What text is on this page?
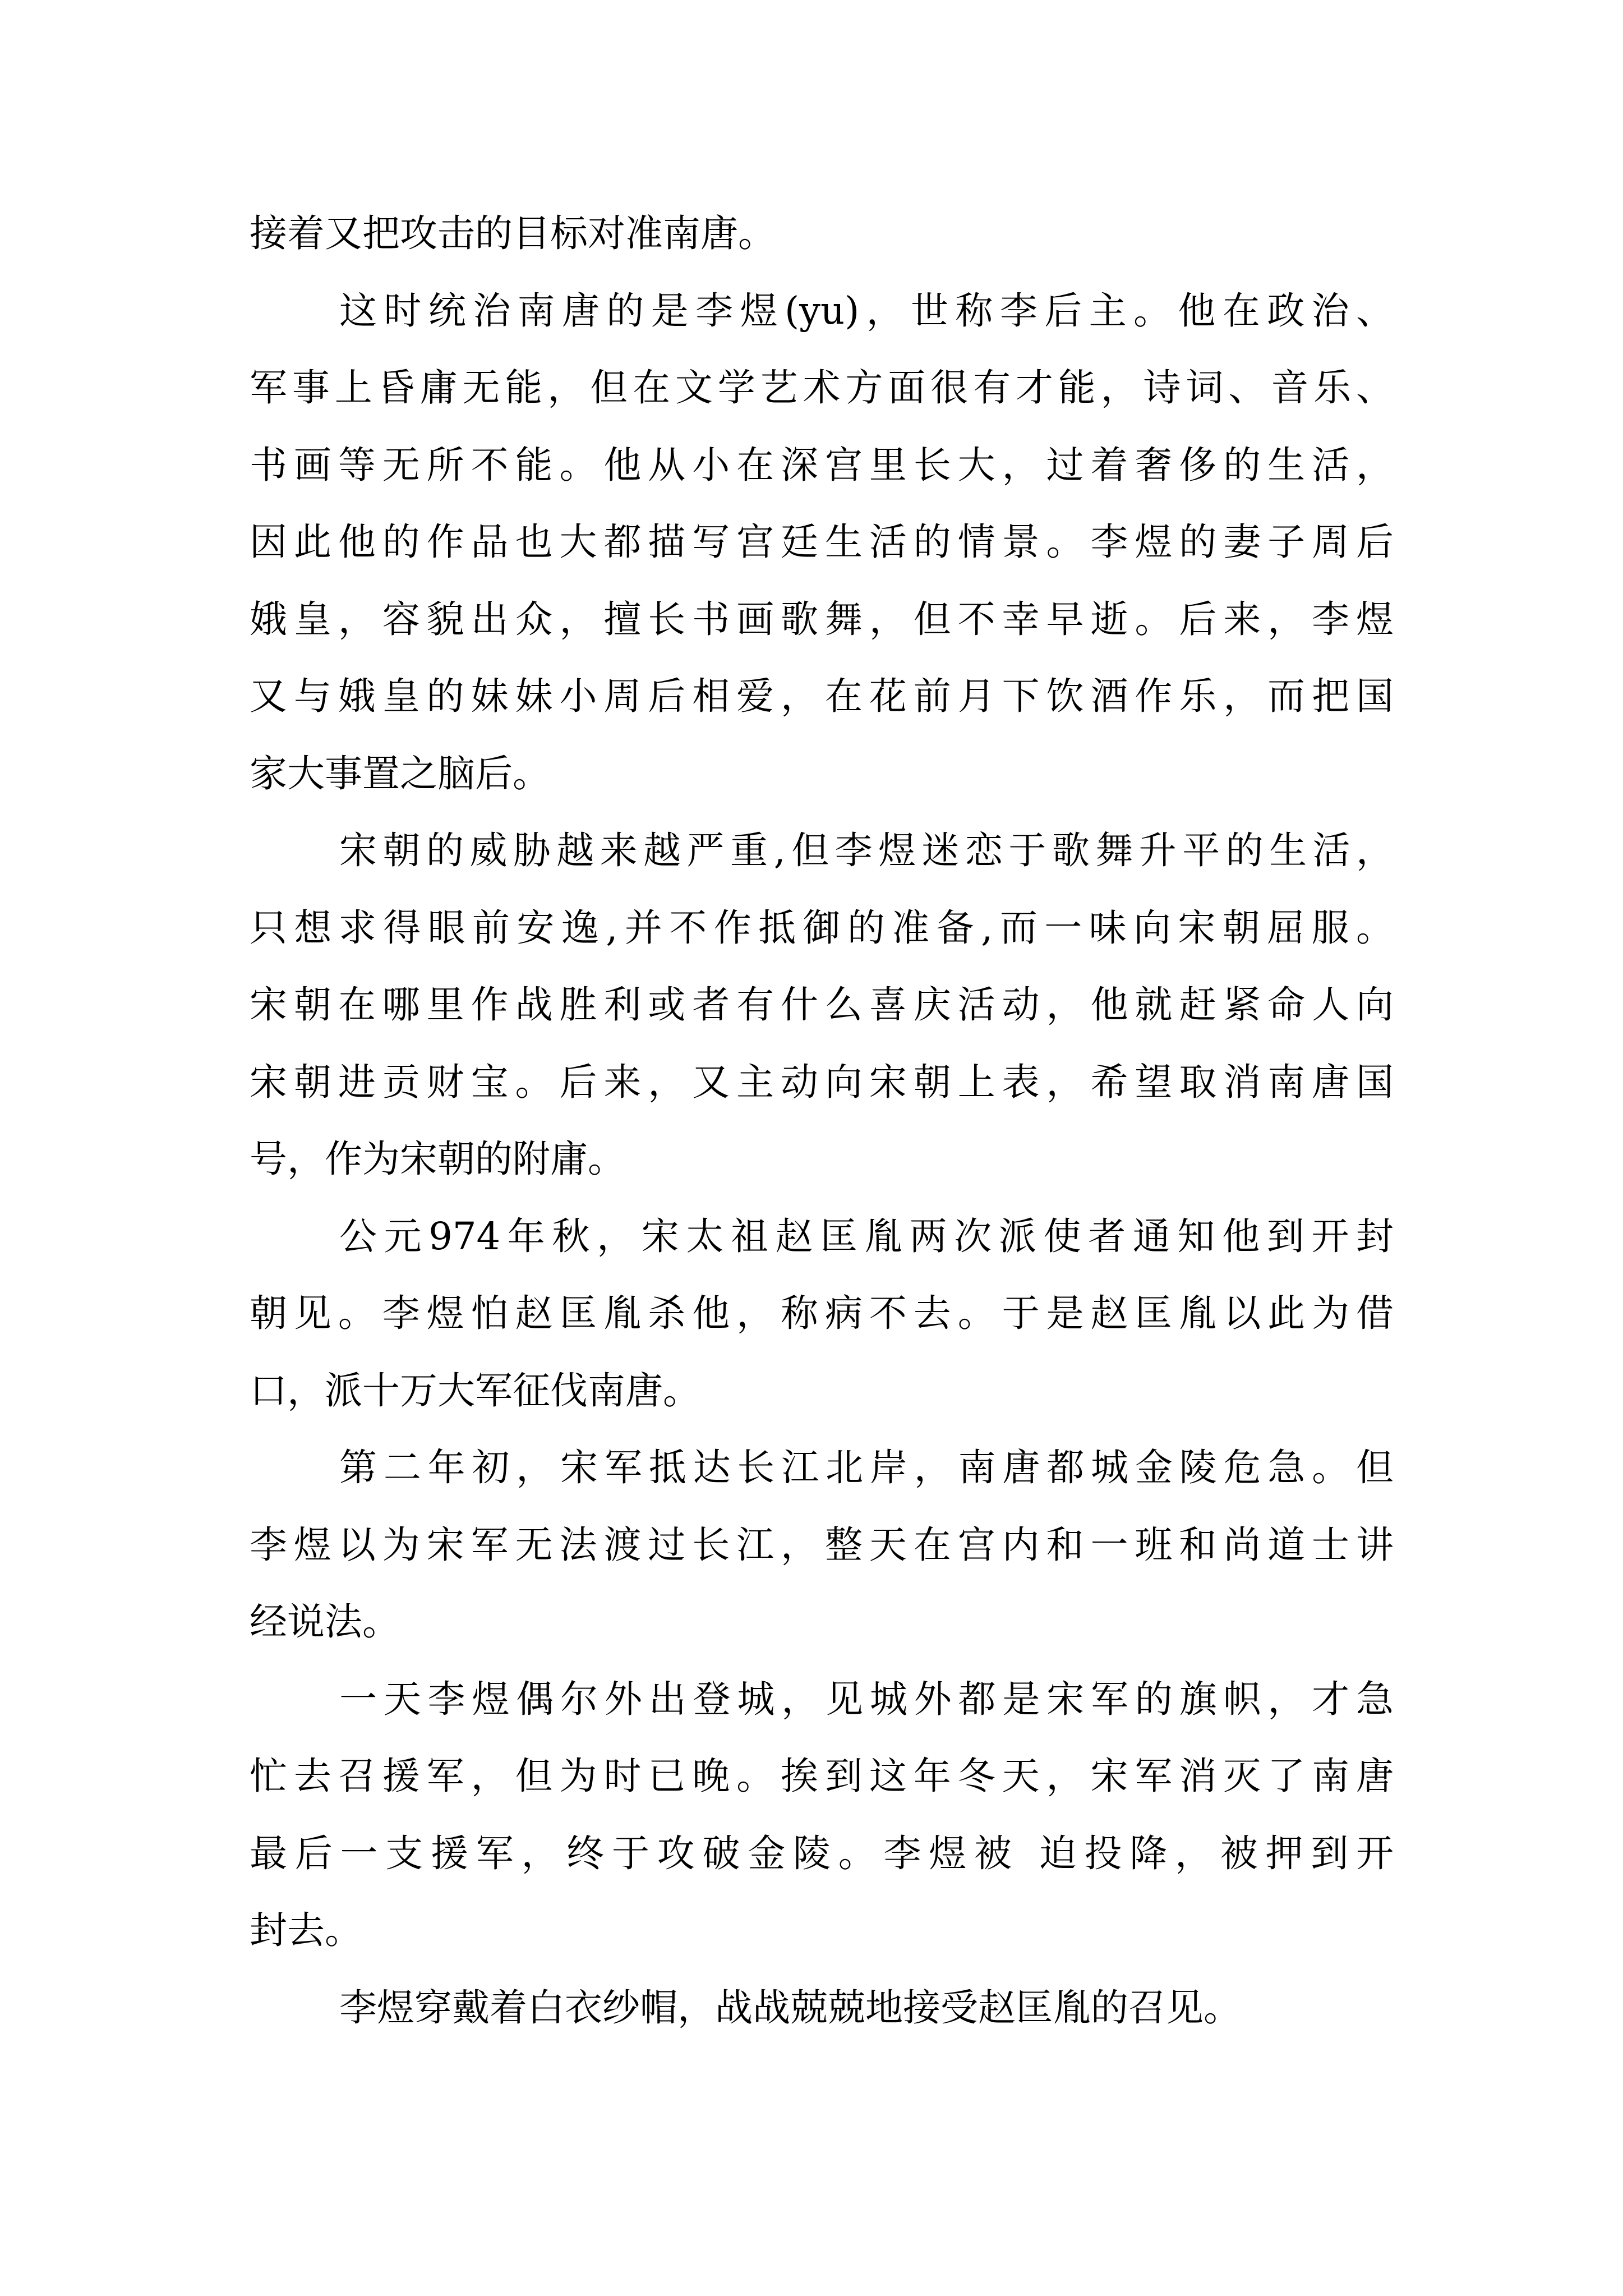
接着又把攻击的目标对准南唐。
这时统治南唐的是李煜(yu)，世称李后主。他在政治、
军事上昏庸无能，但在文学艺术方面很有才能，诗词、音乐、
书画等无所不能。他从小在深宫里长大，过着奢侈的生活，
因此他的作品也大都描写宫廷生活的情景。李煜的妻子周后
娥皇，容貌出众，擅长书画歌舞，但不幸早逝。后来，李煜
又与娥皇的妹妹小周后相爱，在花前月下饮酒作乐，而把国
家大事置之脑后。
宋朝的威胁越来越严重,但李煜迷恋于歌舞升平的生活，
只想求得眼前安逸,并不作抵御的准备,而一味向宋朝屈服。
宋朝在哪里作战胜利或者有什么喜庆活动，他就赶紧命人向
宋朝进贡财宝。后来，又主动向宋朝上表，希望取消南唐国
号，作为宋朝的附庸。
公元974年秋，宋太祖赵匡胤两次派使者通知他到开封
朝见。李煜怕赵匡胤杀他，称病不去。于是赵匡胤以此为借
口，派十万大军征伐南唐。
第二年初，宋军抵达长江北岸，南唐都城金陵危急。但
李煜以为宋军无法渡过长江，整天在宫内和一班和尚道士讲
经说法。
一天李煜偶尔外出登城，见城外都是宋军的旗帜，才急
忙去召援军，但为时已晚。挨到这年冬天，宋军消灭了南唐
最后一支援军，终于攻破金陵。李煜被 迫投降，被押到开
封去。
李煜穿戴着白衣纱帽，战战兢兢地接受赵匡胤的召见。
